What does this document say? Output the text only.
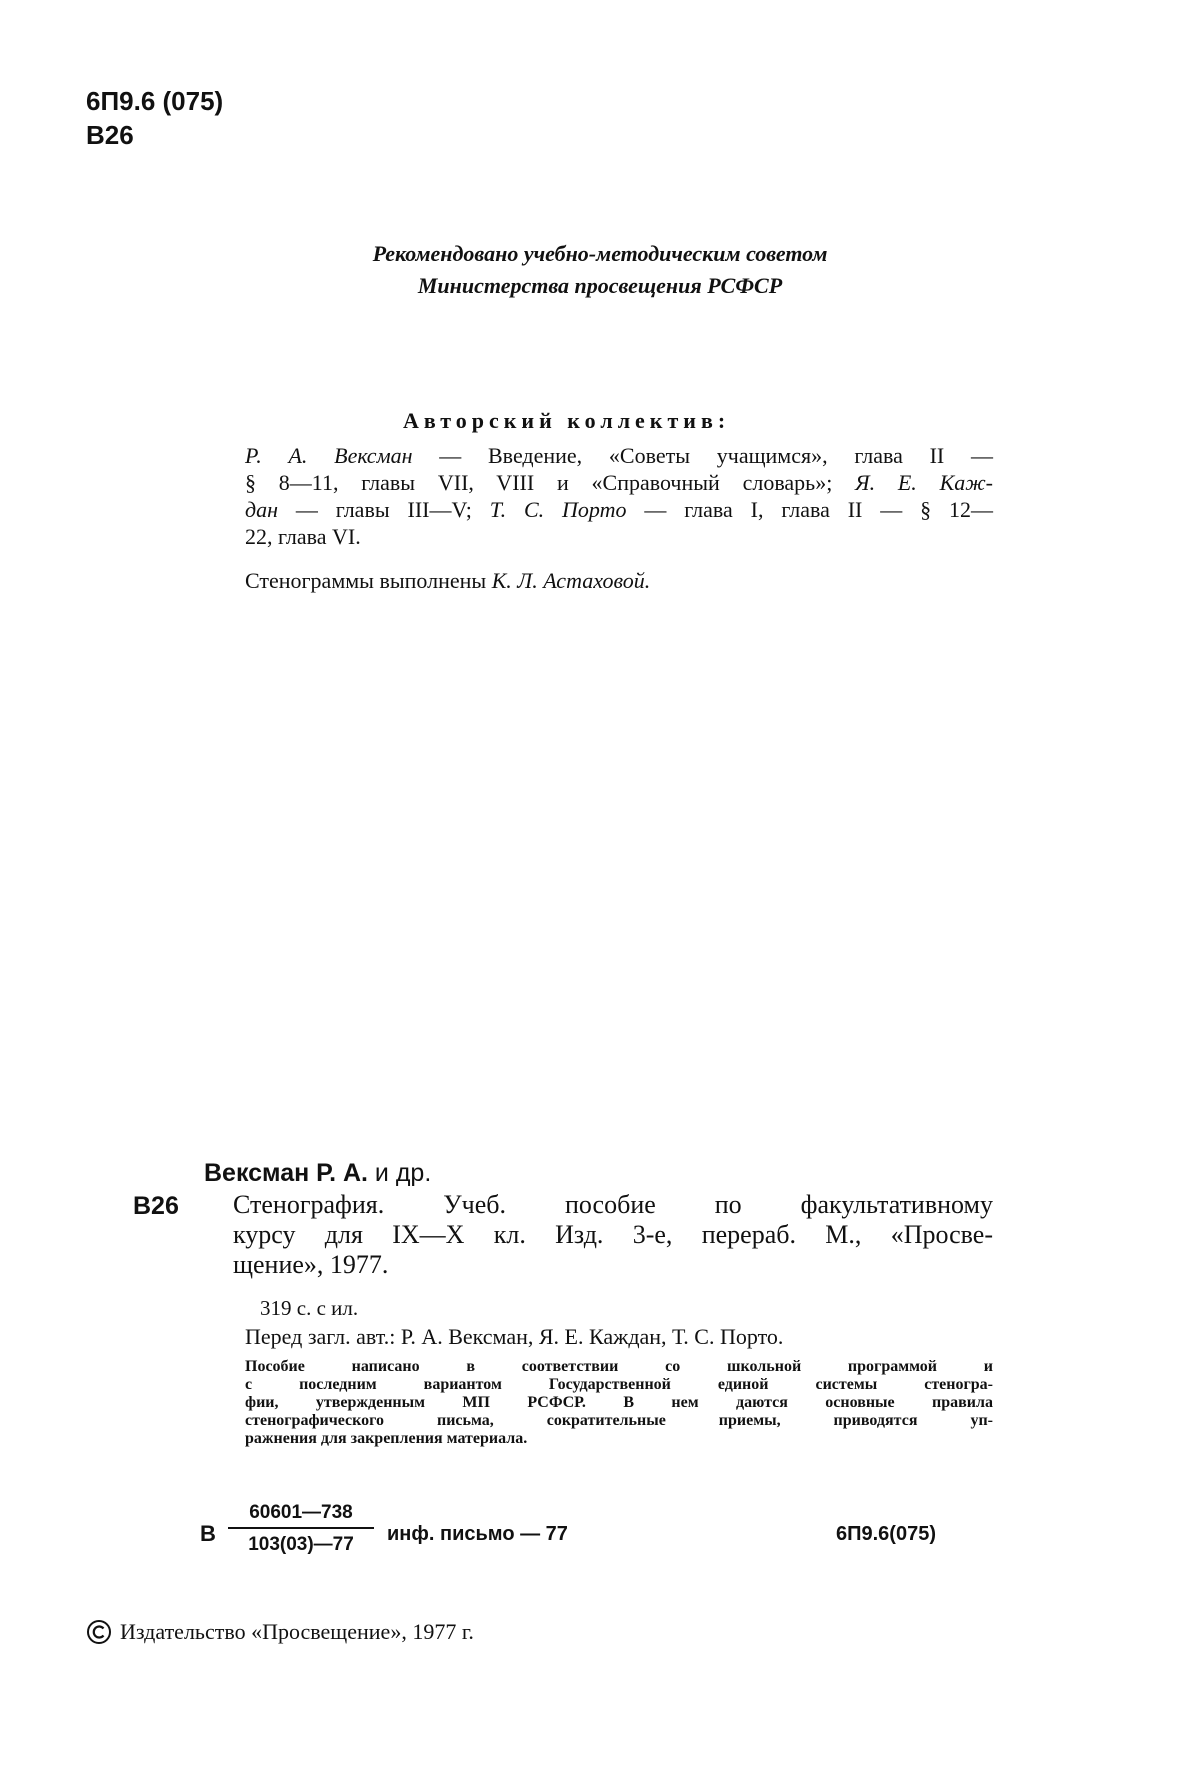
6П9.6 (075)
В26
Рекомендовано учебно-методическим советом
Министерства просвещения РСФСР
Авторский коллектив:

Р. А. Вексман — Введение, «Советы учащимся», глава II —

§ 8—11, главы VII, VIII и «Справочный словарь»; Я. Е. Каж-

дан — главы III—V; Т. С. Порто — глава I, глава II — § 12—

22, глава VI.

Стенограммы выполнены К. Л. Астаховой.
Вексман Р. А. и др.
В26 Стенография. Учеб. пособие по факультативному

курсу для IX—X кл. Изд. 3-е, перераб. М., «Просве-

щение», 1977.

319 с. с ил.
Перед загл. авт.: Р. А. Вексман, Я. Е. Каждан, Т. С. Порто.

Пособие написано в соответствии со школьной программой и

с последним вариантом Государственной единой системы стеногра-

фии, утвержденным МП РСФСР. В нем даются основные правила

стенографического письма, сократительные приемы, приводятся уп-

ражнения для закрепления материала.

В
60601—738
103(03)—77	инф. письмо — 77	6П9.6(075)
Издательство «Просвещение», 1977 г.
